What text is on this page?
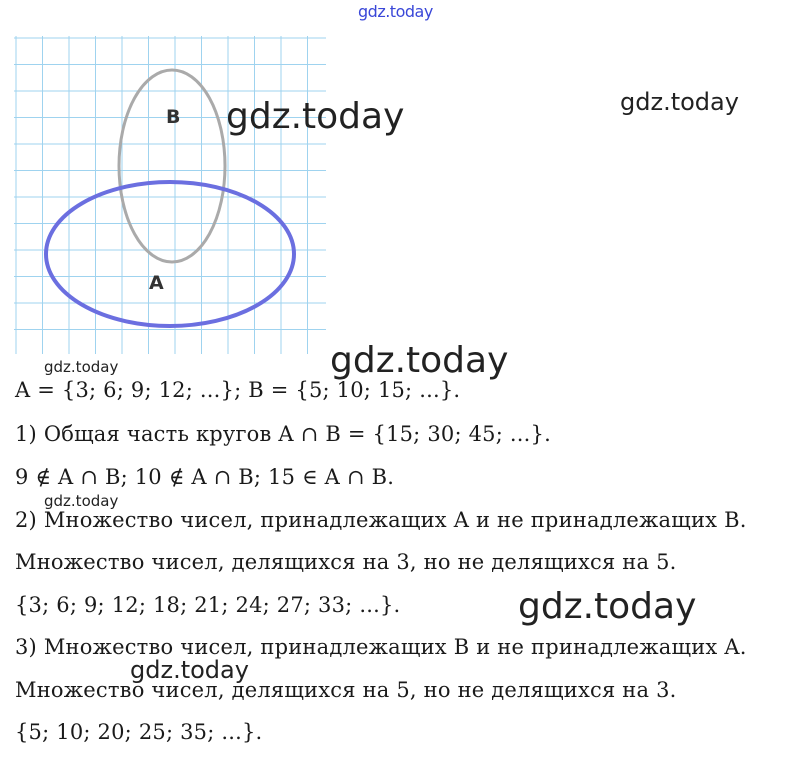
gdz.today
B
A
gdz.today	gdz.today
gdz.today	gdz.today
A = {3; 6; 9; 12; ...}; B = {5; 10; 15; ...}.
1) Общая часть кругов A ∩ B = {15; 30; 45; ...}.
9 ∉ A ∩ B; 10 ∉ A ∩ B; 15 ∈ A ∩ B.
gdz.today
2) Множество чисел, принадлежащих A и не принадлежащих B.
Множество чисел, делящихся на 3, но не делящихся на 5.
{3; 6; 9; 12; 18; 21; 24; 27; 33; ...}.	gdz.today
3) Множество чисел, принадлежащих B и не принадлежащих A.
gdz.today
Множество чисел, делящихся на 5, но не делящихся на 3.
{5; 10; 20; 25; 35; ...}.
